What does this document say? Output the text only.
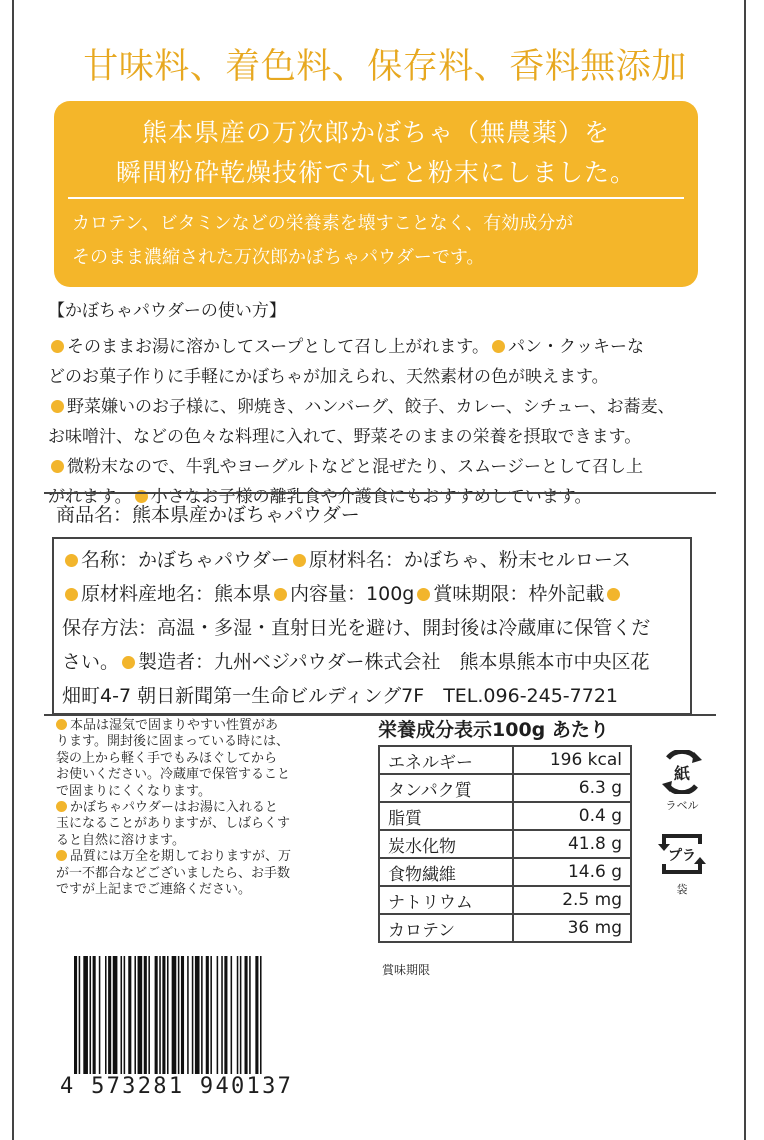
甘味料、着色料、保存料、香料無添加
熊本県産の万次郎かぼちゃ（無農薬）を
瞬間粉砕乾燥技術で丸ごと粉末にしました。
カロテン、ビタミンなどの栄養素を壊すことなく、有効成分が
そのまま濃縮された万次郎かぼちゃパウダーです。
【かぼちゃパウダーの使い方】
そのままお湯に溶かしてスープとして召し上がれます。 パン・クッキーな
どのお菓子作りに手軽にかぼちゃが加えられ、天然素材の色が映えます。
野菜嫌いのお子様に、卵焼き、ハンバーグ、餃子、カレー、シチュー、お蕎麦、
お味噌汁、などの色々な料理に入れて、野菜そのままの栄養を摂取できます。
微粉末なので、牛乳やヨーグルトなどと混ぜたり、スムージーとして召し上
がれます。 小さなお子様の離乳食や介護食にもおすすめしています。
商品名：熊本県産かぼちゃパウダー
名称：かぼちゃパウダー 原材料名：かぼちゃ、粉末セルロース
原材料産地名：熊本県 内容量：100g 賞味期限：枠外記載
保存方法：高温・多湿・直射日光を避け、開封後は冷蔵庫に保管くだ
さい。 製造者：九州ベジパウダー株式会社　熊本県熊本市中央区花
畑町4-7 朝日新聞第一生命ビルディング7F　TEL.096-245-7721
本品は湿気で固まりやすい性質があ
ります。開封後に固まっている時には、
袋の上から軽く手でもみほぐしてから
お使いください。冷蔵庫で保管すること
で固まりにくくなります。
かぼちゃパウダーはお湯に入れると
玉になることがありますが、しばらくす
ると自然に溶けます。
品質には万全を期しておりますが、万
が一不都合などございましたら、お手数
ですが上記までご連絡ください。
栄養成分表示100g あたり
エネルギー	196 kcal
タンパク質	6.3 g
脂質	0.4 g
炭水化物	41.8 g
食物繊維	14.6 g
ナトリウム	2.5 mg
カロテン	36 mg
賞味期限
紙
ラベル
プラ
袋
4 573281 940137
